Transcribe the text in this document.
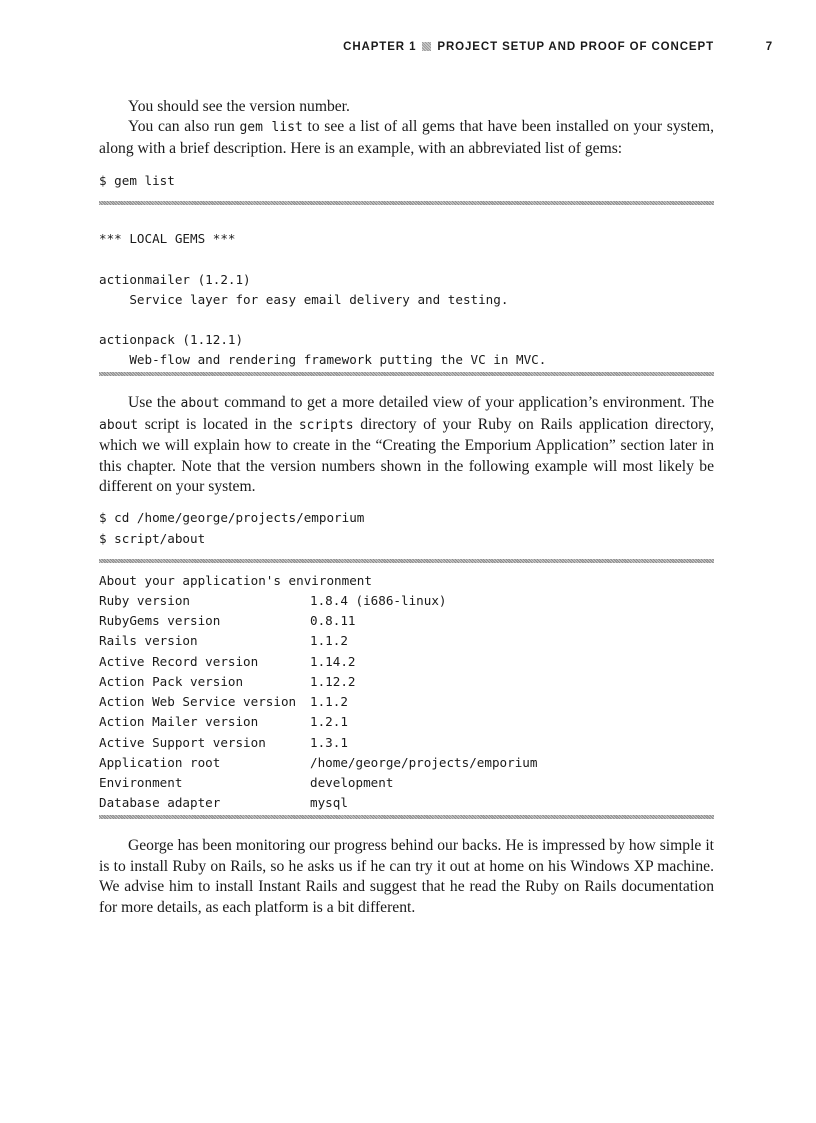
CHAPTER 1 PROJECT SETUP AND PROOF OF CONCEPT	7

You should see the version number.

You can also run gem list to see a list of all gems that have been installed on your system, along with a brief description. Here is an example, with an abbreviated list of gems:

$ gem list
*** LOCAL GEMS ***
actionmailer (1.2.1)
Service layer for easy email delivery and testing.
actionpack (1.12.1)
Web-flow and rendering framework putting the VC in MVC.

Use the about command to get a more detailed view of your application’s environment. The about script is located in the scripts directory of your Ruby on Rails application directory, which we will explain how to create in the “Creating the Emporium Application” section later in this chapter. Note that the version numbers shown in the following example will most likely be different on your system.

$ cd /home/george/projects/emporium
$ script/about
About your application's environment
Ruby version	1.8.4 (i686-linux)
RubyGems version	0.8.11
Rails version	1.1.2
Active Record version	1.14.2
Action Pack version	1.12.2
Action Web Service version	1.1.2
Action Mailer version	1.2.1
Active Support version	1.3.1
Application root	/home/george/projects/emporium
Environment	development
Database adapter	mysql

George has been monitoring our progress behind our backs. He is impressed by how simple it is to install Ruby on Rails, so he asks us if he can try it out at home on his Windows XP machine. We advise him to install Instant Rails and suggest that he read the Ruby on Rails documentation for more details, as each platform is a bit different.
